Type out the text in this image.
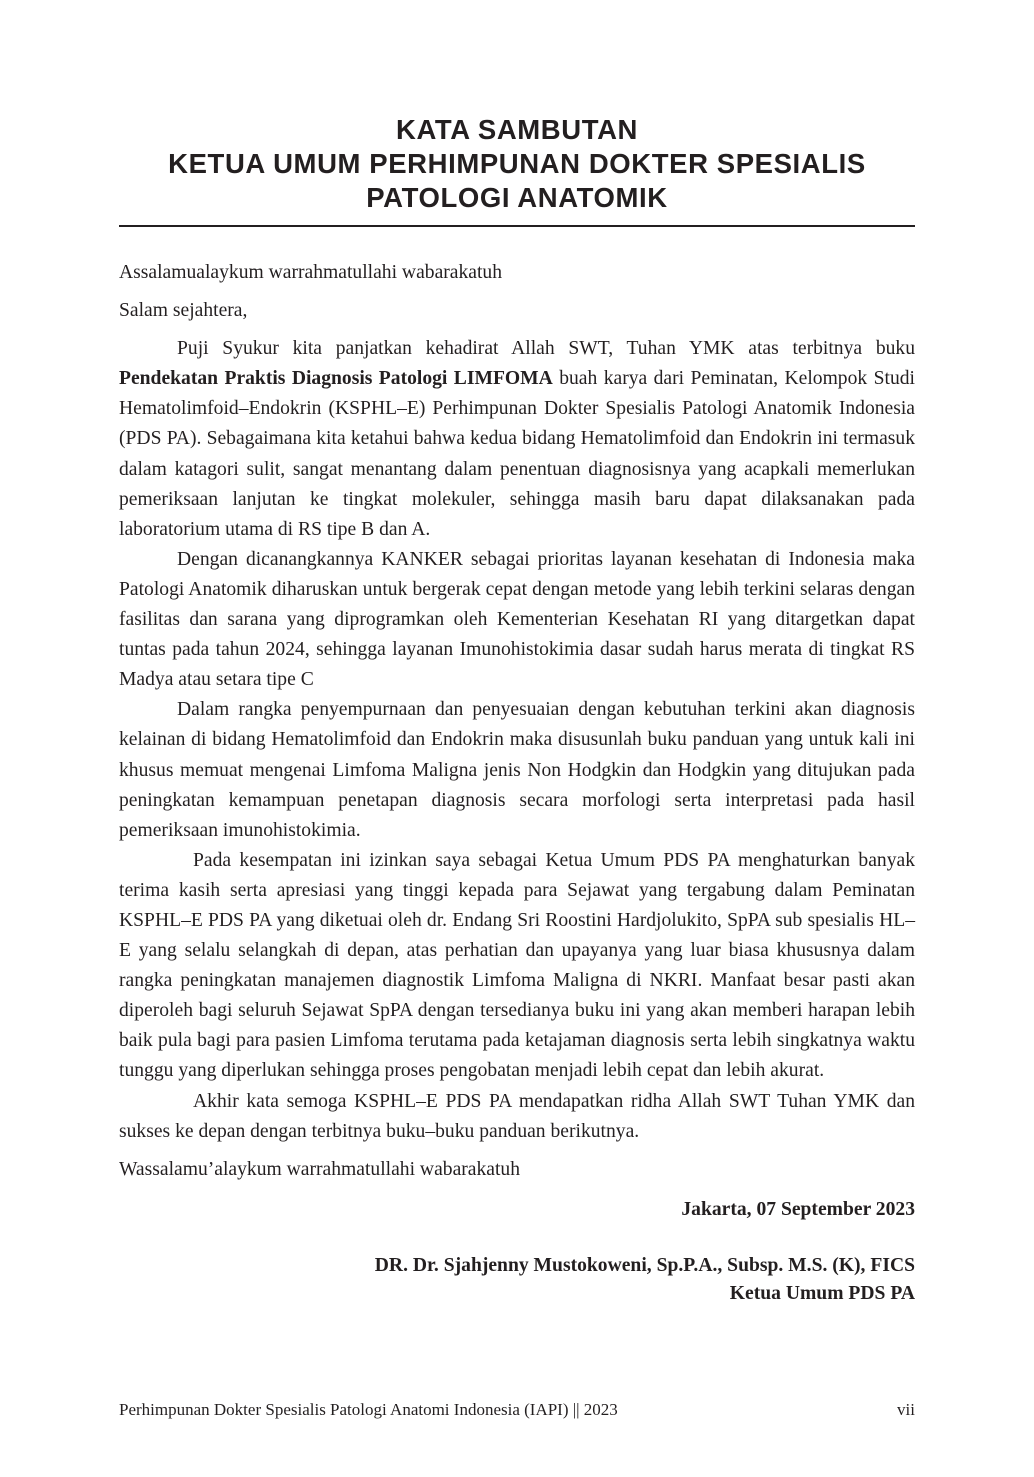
KATA SAMBUTAN
KETUA UMUM PERHIMPUNAN DOKTER SPESIALIS
PATOLOGI ANATOMIK

Assalamualaykum warrahmatullahi wabarakatuh

Salam sejahtera,

Puji Syukur kita panjatkan kehadirat Allah SWT, Tuhan YMK atas terbitnya buku Pendekatan Praktis Diagnosis Patologi LIMFOMA buah karya dari Peminatan, Kelompok Studi Hematolimfoid–Endokrin (KSPHL–E) Perhimpunan Dokter Spesialis Patologi Anatomik Indonesia (PDS PA). Sebagaimana kita ketahui bahwa kedua bidang Hematolimfoid dan Endokrin ini termasuk dalam katagori sulit, sangat menantang dalam penentuan diagnosisnya yang acapkali memerlukan pemeriksaan lanjutan ke tingkat molekuler, sehingga masih baru dapat dilaksanakan pada laboratorium utama di RS tipe B dan A.

Dengan dicanangkannya KANKER sebagai prioritas layanan kesehatan di Indonesia maka Patologi Anatomik diharuskan untuk bergerak cepat dengan metode yang lebih terkini selaras dengan fasilitas dan sarana yang diprogramkan oleh Kementerian Kesehatan RI yang ditargetkan dapat tuntas pada tahun 2024, sehingga layanan Imunohistokimia dasar sudah harus merata di tingkat RS Madya atau setara tipe C

Dalam rangka penyempurnaan dan penyesuaian dengan kebutuhan terkini akan diagnosis kelainan di bidang Hematolimfoid dan Endokrin maka disusunlah buku panduan yang untuk kali ini khusus memuat mengenai Limfoma Maligna jenis Non Hodgkin dan Hodgkin yang ditujukan pada peningkatan kemampuan penetapan diagnosis secara morfologi serta interpretasi pada hasil pemeriksaan imunohistokimia.

Pada kesempatan ini izinkan saya sebagai Ketua Umum PDS PA menghaturkan banyak terima kasih serta apresiasi yang tinggi kepada para Sejawat yang tergabung dalam Peminatan KSPHL–E PDS PA yang diketuai oleh dr. Endang Sri Roostini Hardjolukito, SpPA sub spesialis HL–E yang selalu selangkah di depan, atas perhatian dan upayanya yang luar biasa khususnya dalam rangka peningkatan manajemen diagnostik Limfoma Maligna di NKRI. Manfaat besar pasti akan diperoleh bagi seluruh Sejawat SpPA dengan tersedianya buku ini yang akan memberi harapan lebih baik pula bagi para pasien Limfoma terutama pada ketajaman diagnosis serta lebih singkatnya waktu tunggu yang diperlukan sehingga proses pengobatan menjadi lebih cepat dan lebih akurat.

Akhir kata semoga KSPHL–E PDS PA mendapatkan ridha Allah SWT Tuhan YMK dan sukses ke depan dengan terbitnya buku–buku panduan berikutnya.

Wassalamu’alaykum warrahmatullahi wabarakatuh

Jakarta, 07 September 2023

DR. Dr. Sjahjenny Mustokoweni, Sp.P.A., Subsp. M.S. (K), FICS
Ketua Umum PDS PA
Perhimpunan Dokter Spesialis Patologi Anatomi Indonesia (IAPI) || 2023	vii
